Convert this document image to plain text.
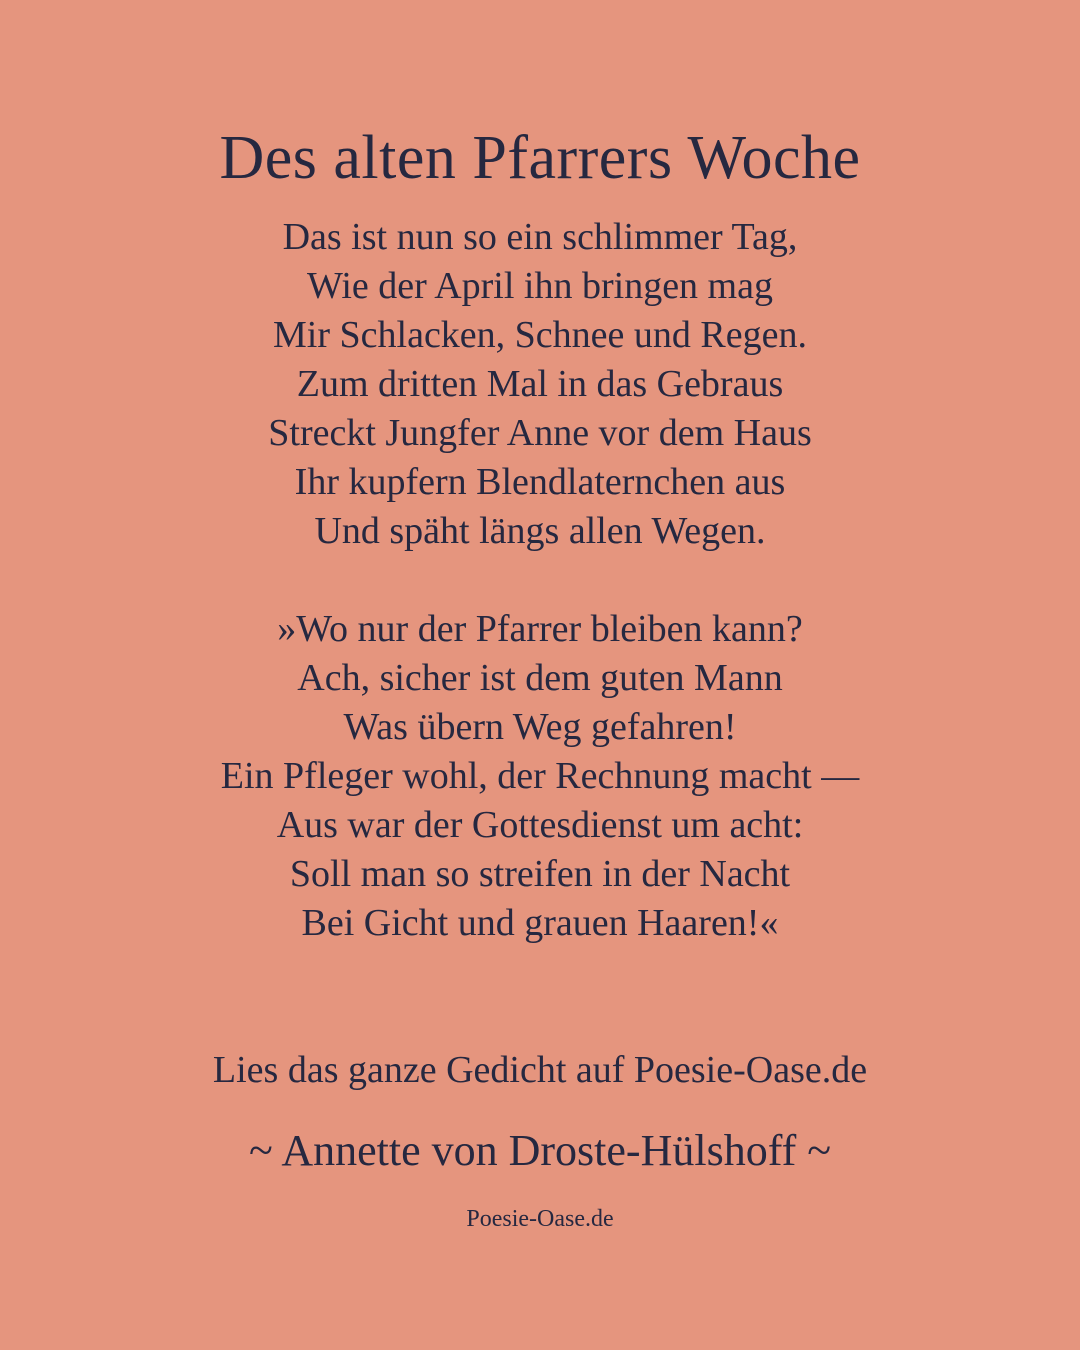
Des alten Pfarrers Woche
Das ist nun so ein schlimmer Tag,
Wie der April ihn bringen mag
Mir Schlacken, Schnee und Regen.
Zum dritten Mal in das Gebraus
Streckt Jungfer Anne vor dem Haus
Ihr kupfern Blendlaternchen aus
Und späht längs allen Wegen.
»Wo nur der Pfarrer bleiben kann?
Ach, sicher ist dem guten Mann
Was übern Weg gefahren!
Ein Pfleger wohl, der Rechnung macht —
Aus war der Gottesdienst um acht:
Soll man so streifen in der Nacht
Bei Gicht und grauen Haaren!«
Lies das ganze Gedicht auf Poesie-Oase.de
~ Annette von Droste-Hülshoff ~
Poesie-Oase.de
